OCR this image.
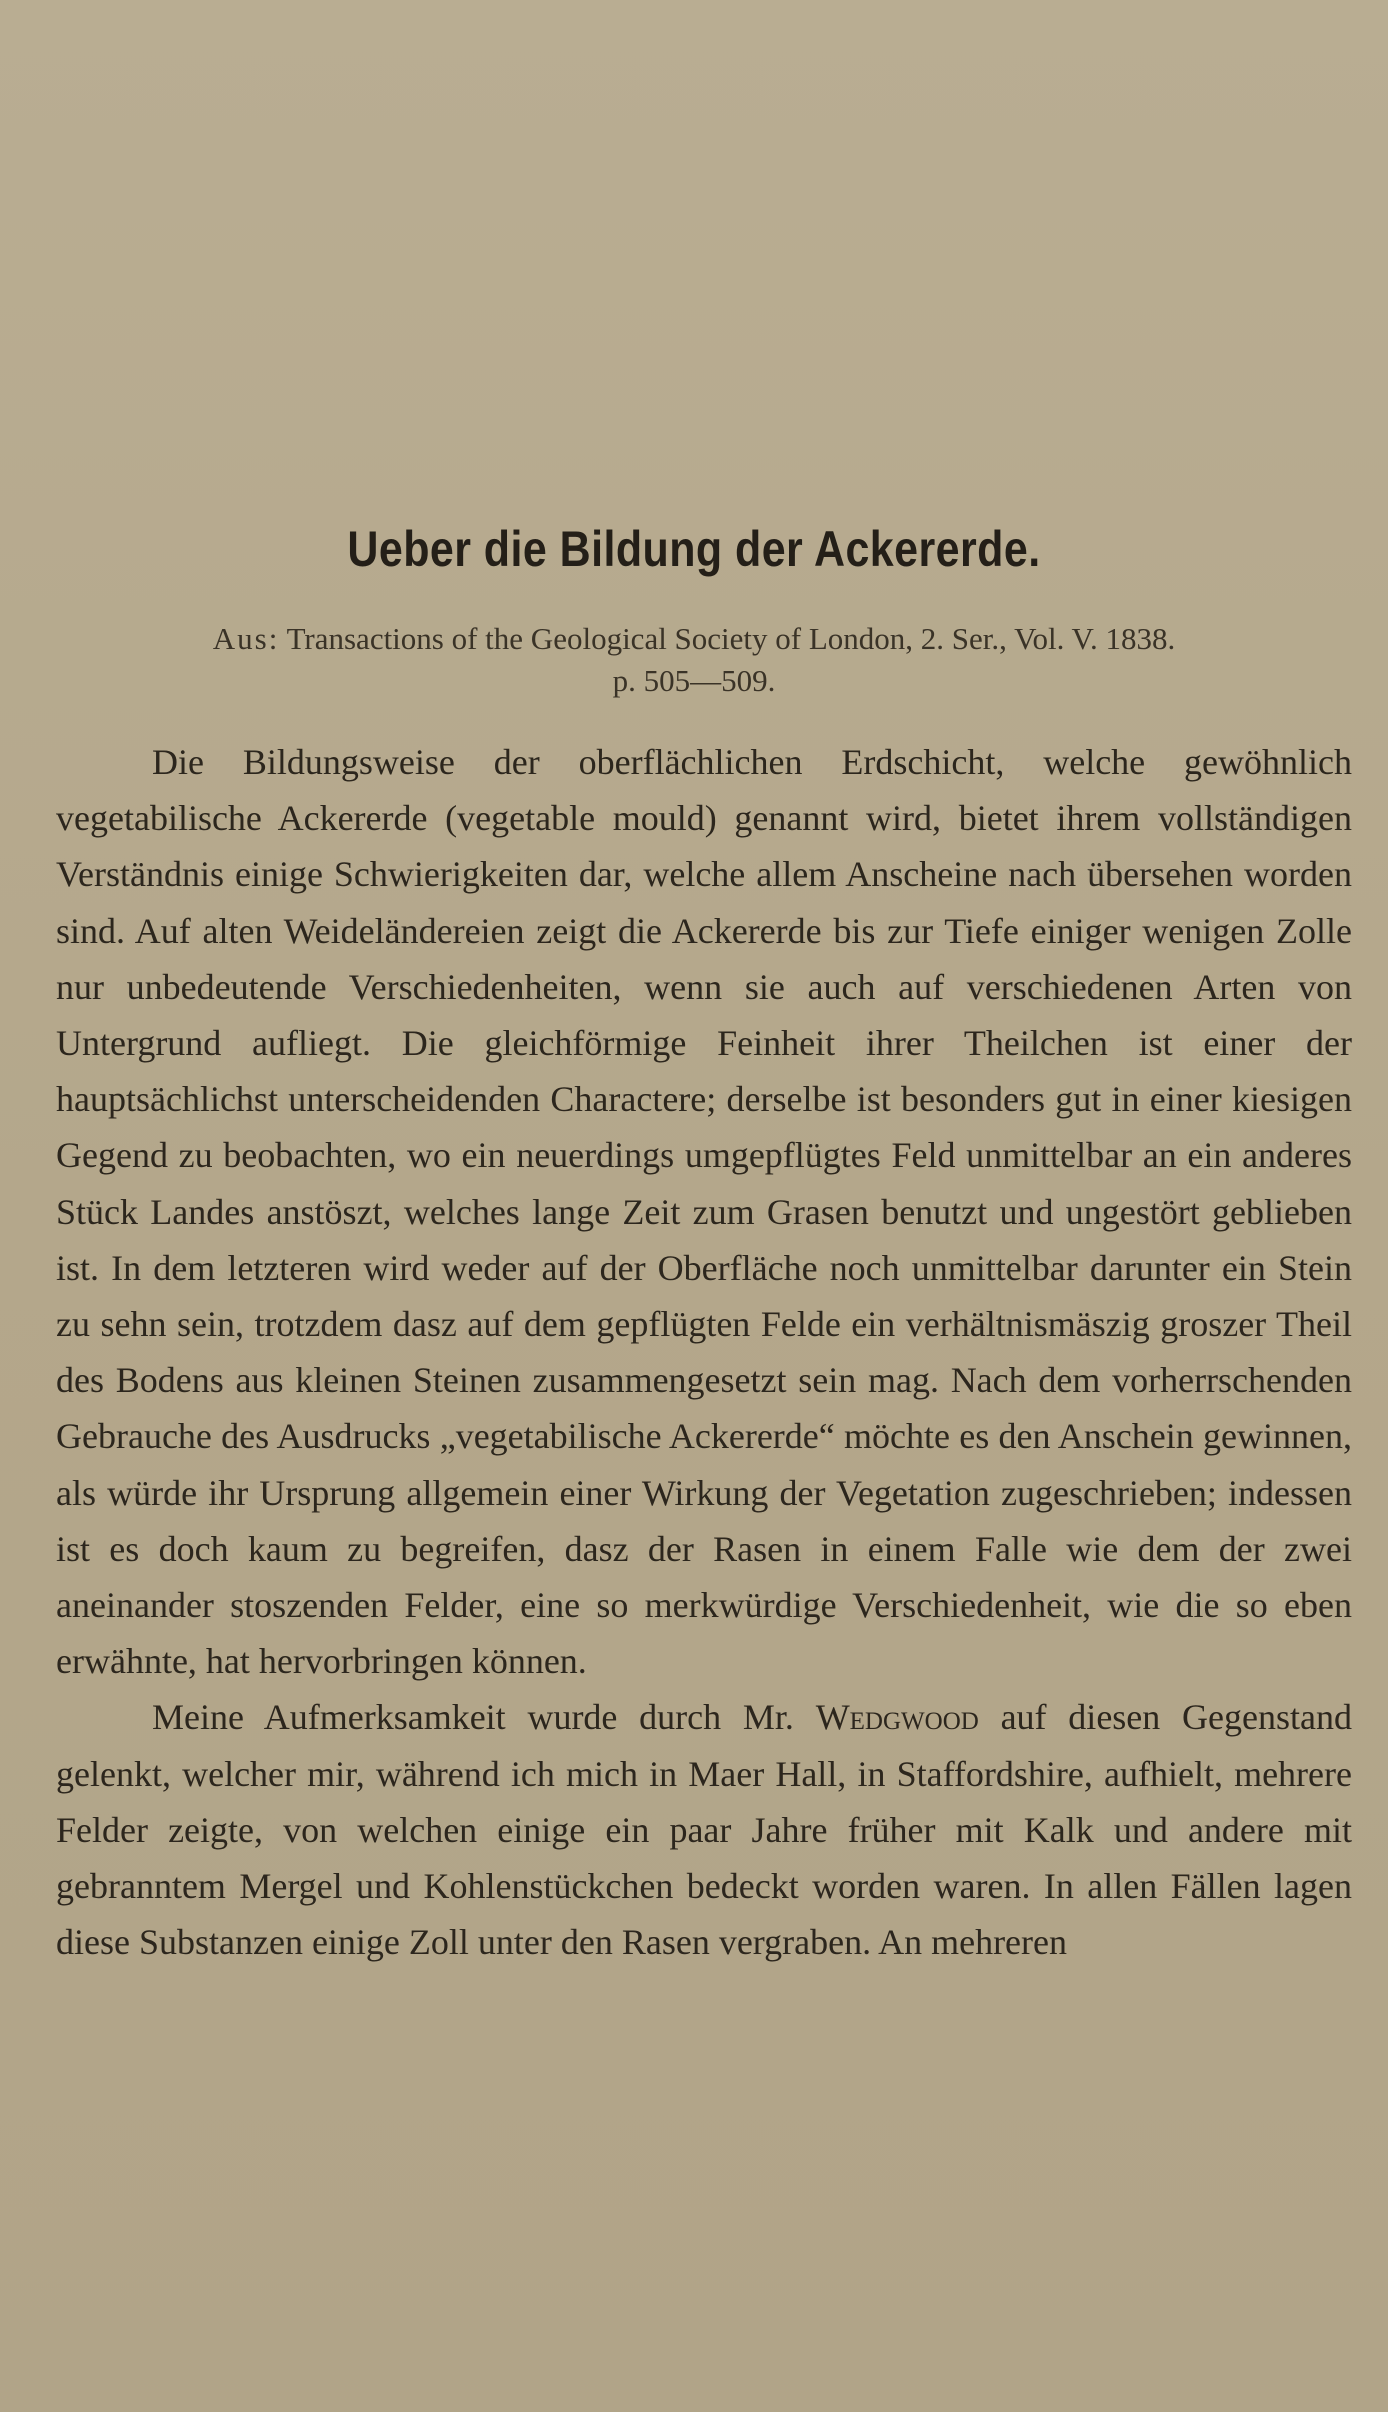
Ueber die Bildung der Ackererde.
Aus: Transactions of the Geological Society of London, 2. Ser., Vol. V. 1838.
p. 505—509.

Die Bildungsweise der oberflächlichen Erdschicht, welche gewöhnlich vegetabilische Ackererde (vegetable mould) genannt wird, bietet ihrem vollständigen Verständnis einige Schwierigkeiten dar, welche allem Anscheine nach übersehen worden sind. Auf alten Weideländereien zeigt die Ackererde bis zur Tiefe einiger wenigen Zolle nur unbedeutende Verschiedenheiten, wenn sie auch auf verschiedenen Arten von Untergrund aufliegt. Die gleichförmige Feinheit ihrer Theilchen ist einer der hauptsächlichst unterscheidenden Charactere; derselbe ist besonders gut in einer kiesigen Gegend zu beobachten, wo ein neuerdings umgepflügtes Feld unmittelbar an ein anderes Stück Landes anstöszt, welches lange Zeit zum Grasen benutzt und ungestört geblieben ist. In dem letzteren wird weder auf der Oberfläche noch unmittelbar darunter ein Stein zu sehn sein, trotzdem dasz auf dem gepflügten Felde ein verhältnismäszig groszer Theil des Bodens aus kleinen Steinen zusammengesetzt sein mag. Nach dem vorherrschenden Gebrauche des Ausdrucks „vegetabilische Ackererde“ möchte es den Anschein gewinnen, als würde ihr Ursprung allgemein einer Wirkung der Vegetation zugeschrieben; indessen ist es doch kaum zu begreifen, dasz der Rasen in einem Falle wie dem der zwei aneinander stoszenden Felder, eine so merkwürdige Verschiedenheit, wie die so eben erwähnte, hat hervorbringen können.

Meine Aufmerksamkeit wurde durch Mr. Wedgwood auf diesen Gegenstand gelenkt, welcher mir, während ich mich in Maer Hall, in Staffordshire, aufhielt, mehrere Felder zeigte, von welchen einige ein paar Jahre früher mit Kalk und andere mit gebranntem Mergel und Kohlenstückchen bedeckt worden waren. In allen Fällen lagen diese Substanzen einige Zoll unter den Rasen vergraben. An mehreren
